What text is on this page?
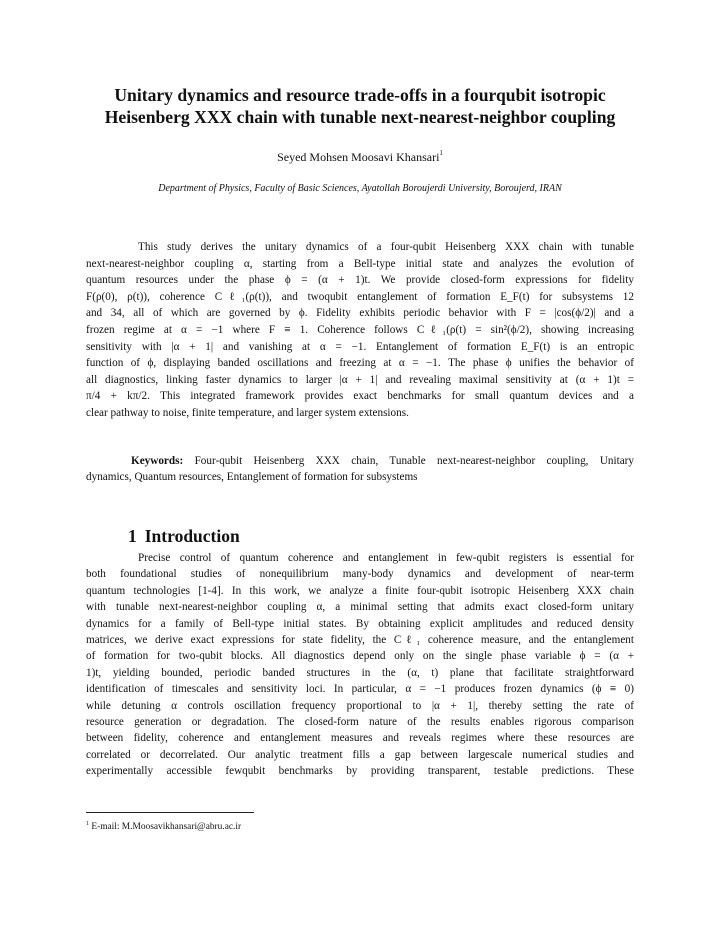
Unitary dynamics and resource trade-offs in a fourqubit isotropic
Heisenberg XXX chain with tunable next-nearest-neighbor coupling
Seyed Mohsen Moosavi Khansari$^1$
Department of Physics, Faculty of Basic Sciences, Ayatollah Boroujerdi University, Boroujerd, IRAN
This study derives the unitary dynamics of a four-qubit Heisenberg XXX chain with tunable
next-nearest-neighbor coupling α, starting from a Bell-type initial state and analyzes the evolution of
quantum resources under the phase ϕ = (α + 1)t. We provide closed-form expressions for fidelity
F(ρ(0), ρ(t)), coherence Cℓ₁(ρ(t)), and twoqubit entanglement of formation E_F(t) for subsystems 12
and 34, all of which are governed by ϕ. Fidelity exhibits periodic behavior with F = |cos(ϕ/2)| and a
frozen regime at α = −1 where F ≡ 1. Coherence follows Cℓ₁(ρ(t) = sin²(ϕ/2), showing increasing
sensitivity with |α + 1| and vanishing at α = −1. Entanglement of formation E_F(t) is an entropic
function of ϕ, displaying banded oscillations and freezing at α = −1. The phase ϕ unifies the behavior of
all diagnostics, linking faster dynamics to larger |α + 1| and revealing maximal sensitivity at (α + 1)t =
π/4 + kπ/2. This integrated framework provides exact benchmarks for small quantum devices and a
clear pathway to noise, finite temperature, and larger system extensions.
Keywords: Four-qubit Heisenberg XXX chain, Tunable next-nearest-neighbor coupling, Unitary
dynamics, Quantum resources, Entanglement of formation for subsystems
1 Introduction
Precise control of quantum coherence and entanglement in few-qubit registers is essential for
both foundational studies of nonequilibrium many-body dynamics and development of near-term
quantum technologies [1-4]. In this work, we analyze a finite four-qubit isotropic Heisenberg XXX chain
with tunable next-nearest-neighbor coupling α, a minimal setting that admits exact closed-form unitary
dynamics for a family of Bell-type initial states. By obtaining explicit amplitudes and reduced density
matrices, we derive exact expressions for state fidelity, the Cℓ₁ coherence measure, and the entanglement
of formation for two-qubit blocks. All diagnostics depend only on the single phase variable ϕ = (α +
1)t, yielding bounded, periodic banded structures in the (α, t) plane that facilitate straightforward
identification of timescales and sensitivity loci. In particular, α = −1 produces frozen dynamics (ϕ ≡ 0)
while detuning α controls oscillation frequency proportional to |α + 1|, thereby setting the rate of
resource generation or degradation. The closed-form nature of the results enables rigorous comparison
between fidelity, coherence and entanglement measures and reveals regimes where these resources are
correlated or decorrelated. Our analytic treatment fills a gap between largescale numerical studies and
experimentally accessible fewqubit benchmarks by providing transparent, testable predictions. These
$^1$ E-mail: M.Moosavikhansari@abru.ac.ir
